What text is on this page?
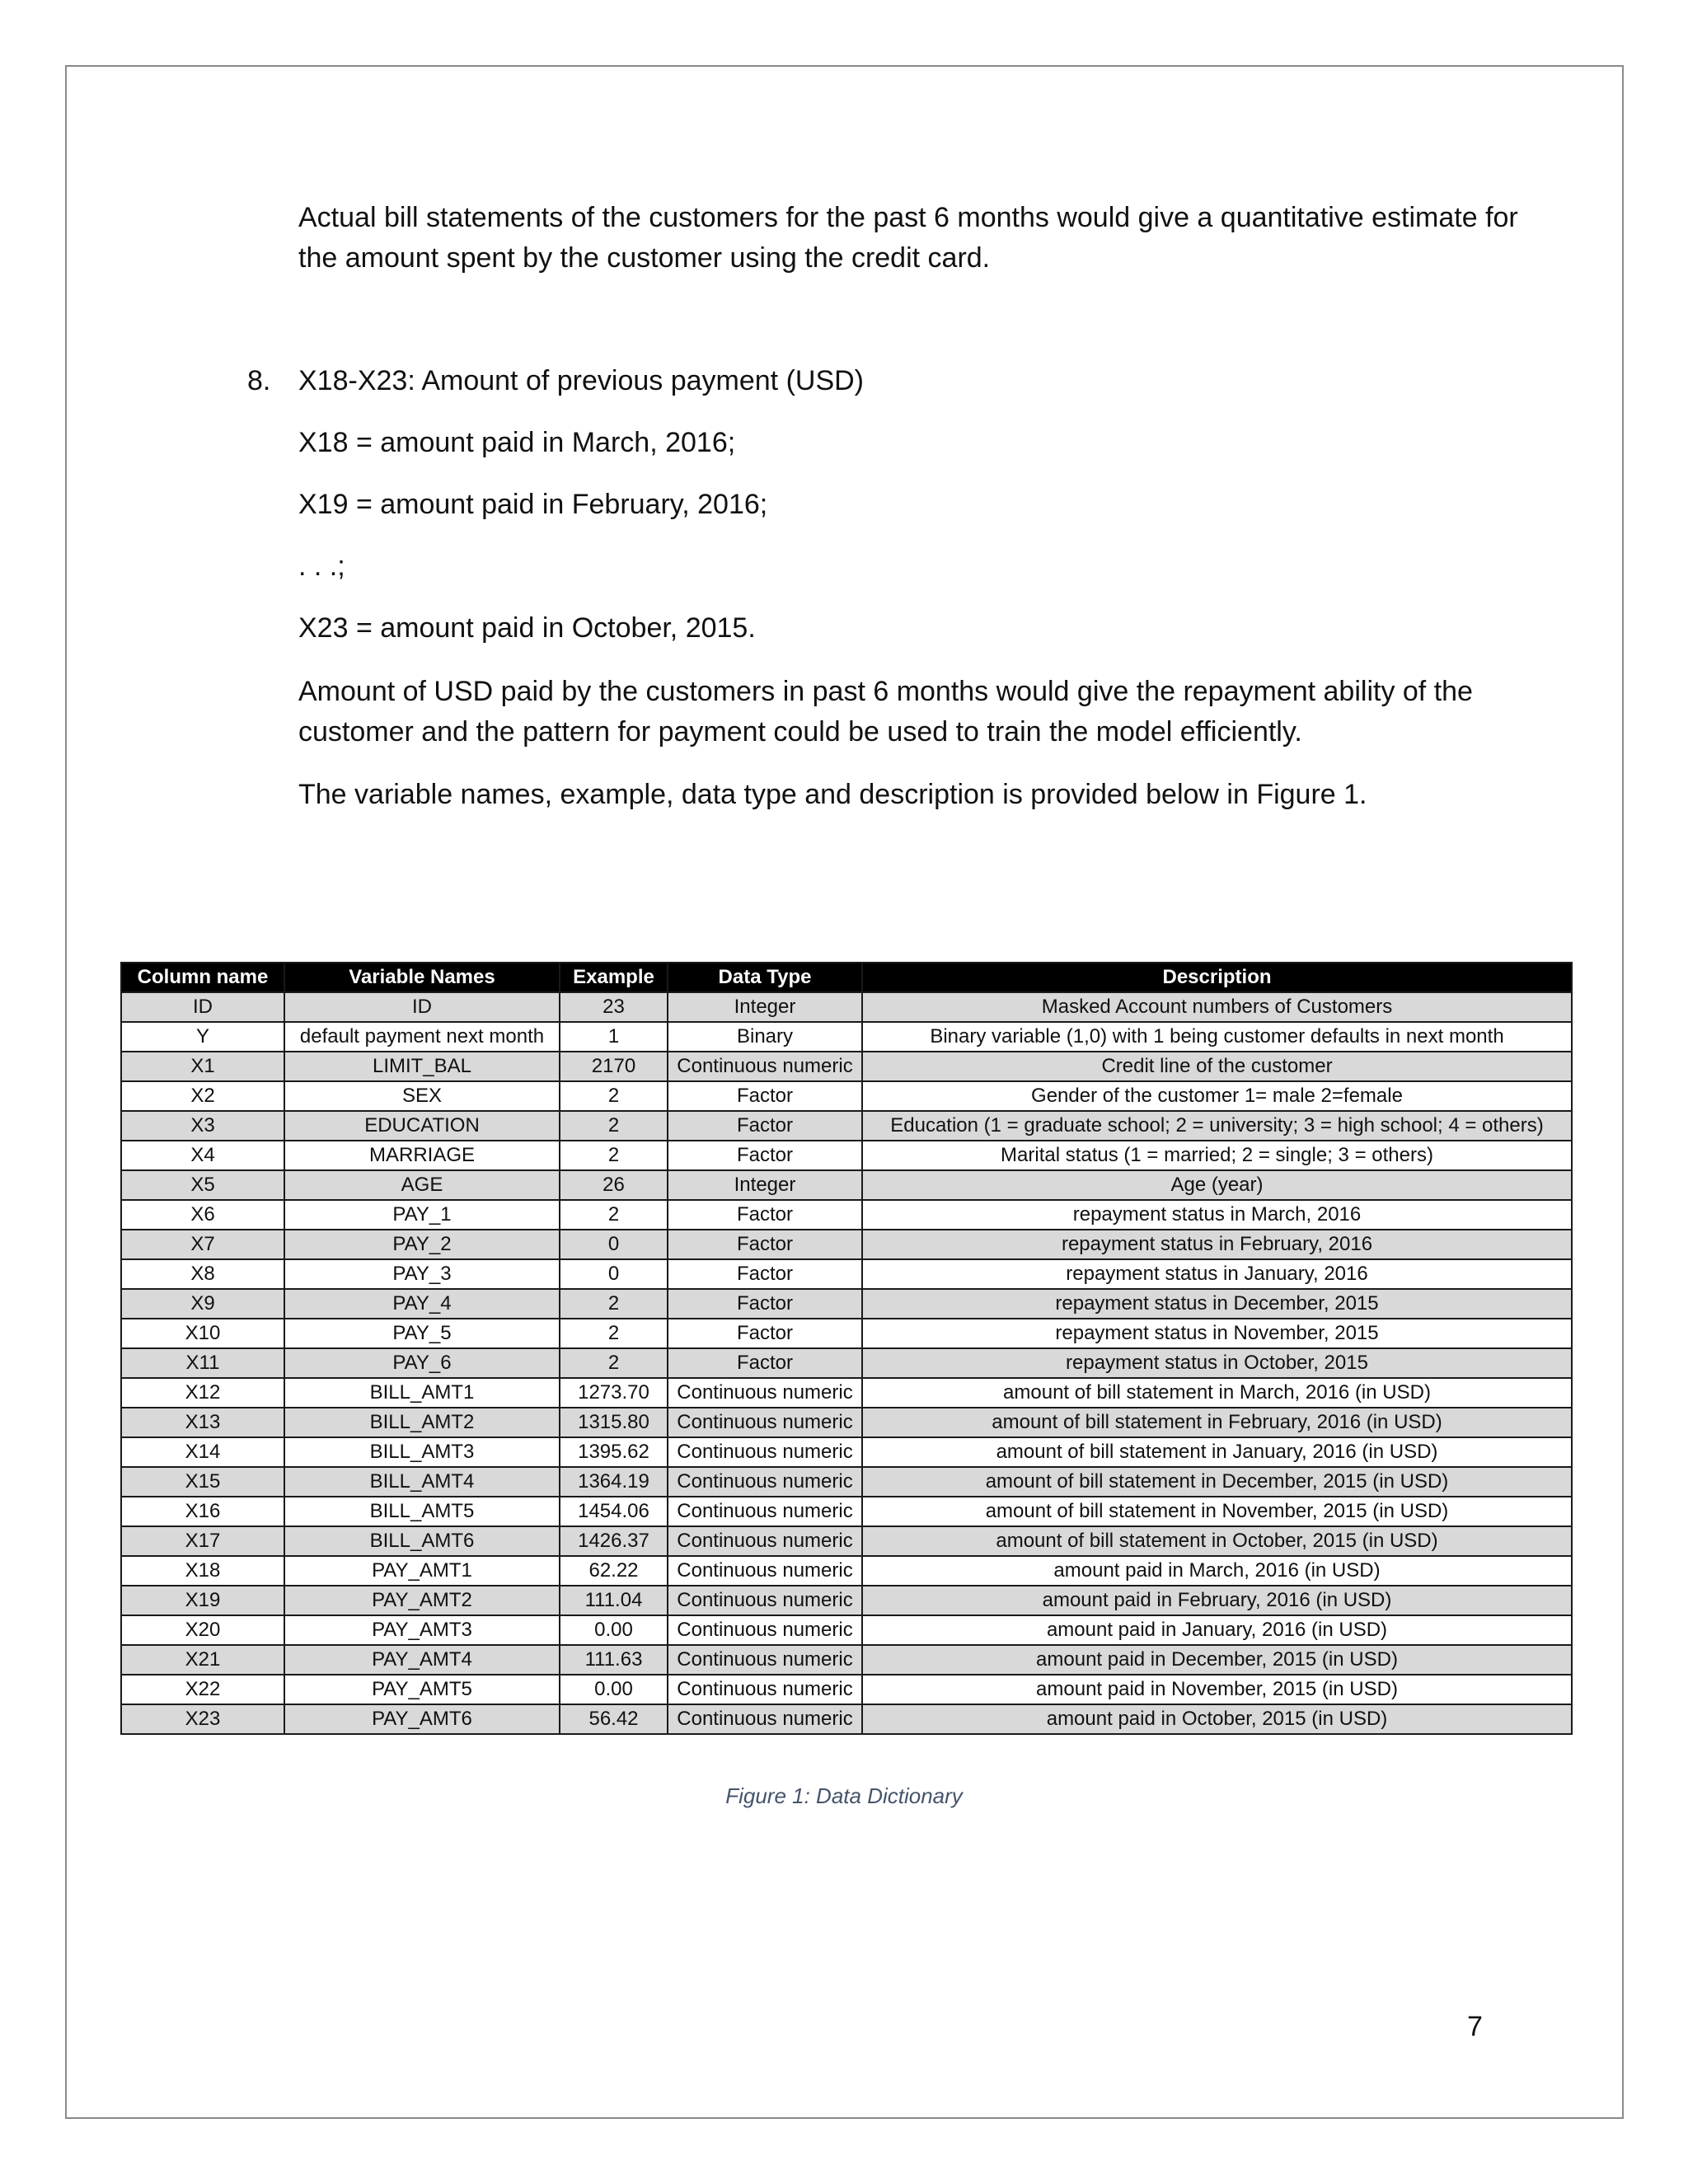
Actual bill statements of the customers for the past 6 months would give a quantitative estimate for the amount spent by the customer using the credit card.

8. X18-X23: Amount of previous payment (USD)

X18 = amount paid in March, 2016;

X19 = amount paid in February, 2016;

. . .;

X23 = amount paid in October, 2015.

Amount of USD paid by the customers in past 6 months would give the repayment ability of the customer and the pattern for payment could be used to train the model efficiently.

The variable names, example, data type and description is provided below in Figure 1.

Column name	Variable Names	Example	Data Type	Description
ID	ID	23	Integer	Masked Account numbers of Customers
Y	default payment next month	1	Binary	Binary variable (1,0) with 1 being customer defaults in next month
X1	LIMIT_BAL	2170	Continuous numeric	Credit line of the customer
X2	SEX	2	Factor	Gender of the customer 1= male 2=female
X3	EDUCATION	2	Factor	Education (1 = graduate school; 2 = university; 3 = high school; 4 = others)
X4	MARRIAGE	2	Factor	Marital status (1 = married; 2 = single; 3 = others)
X5	AGE	26	Integer	Age (year)
X6	PAY_1	2	Factor	repayment status in March, 2016
X7	PAY_2	0	Factor	repayment status in February, 2016
X8	PAY_3	0	Factor	repayment status in January, 2016
X9	PAY_4	2	Factor	repayment status in December, 2015
X10	PAY_5	2	Factor	repayment status in November, 2015
X11	PAY_6	2	Factor	repayment status in October, 2015
X12	BILL_AMT1	1273.70	Continuous numeric	amount of bill statement in March, 2016 (in USD)
X13	BILL_AMT2	1315.80	Continuous numeric	amount of bill statement in February, 2016 (in USD)
X14	BILL_AMT3	1395.62	Continuous numeric	amount of bill statement in January, 2016 (in USD)
X15	BILL_AMT4	1364.19	Continuous numeric	amount of bill statement in December, 2015 (in USD)
X16	BILL_AMT5	1454.06	Continuous numeric	amount of bill statement in November, 2015 (in USD)
X17	BILL_AMT6	1426.37	Continuous numeric	amount of bill statement in October, 2015 (in USD)
X18	PAY_AMT1	62.22	Continuous numeric	amount paid in March, 2016 (in USD)
X19	PAY_AMT2	111.04	Continuous numeric	amount paid in February, 2016 (in USD)
X20	PAY_AMT3	0.00	Continuous numeric	amount paid in January, 2016 (in USD)
X21	PAY_AMT4	111.63	Continuous numeric	amount paid in December, 2015 (in USD)
X22	PAY_AMT5	0.00	Continuous numeric	amount paid in November, 2015 (in USD)
X23	PAY_AMT6	56.42	Continuous numeric	amount paid in October, 2015 (in USD)
Figure 1: Data Dictionary
7
